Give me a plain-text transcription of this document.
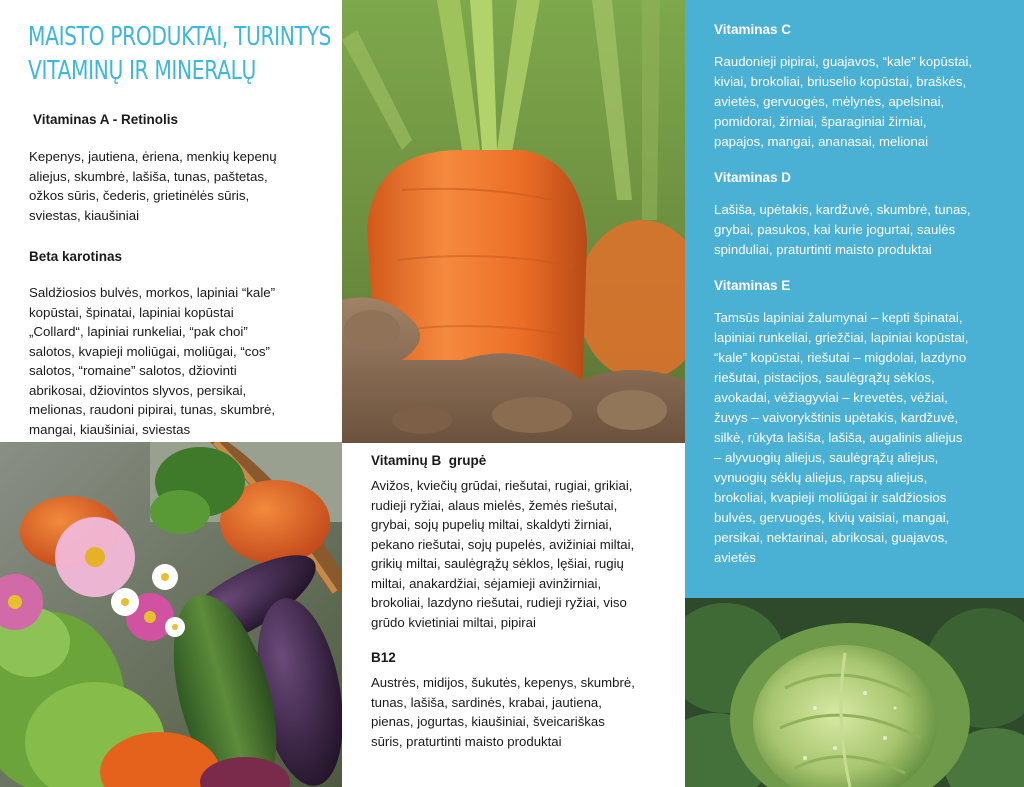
MAISTO PRODUKTAI, TURINTYS
VITAMINŲ IR MINERALŲ

Vitaminas A - Retinolis

Kepenys, jautiena, ėriena, menkių kepenų
aliejus, skumbrė, lašiša, tunas, paštetas,
ožkos sūris, čederis, grietinėlės sūris,
sviestas, kiaušiniai

Beta karotinas

Saldžiosios bulvės, morkos, lapiniai “kale”
kopūstai, špinatai, lapiniai kopūstai
„Collard“, lapiniai runkeliai, “pak choi”
salotos, kvapieji moliūgai, moliūgai, “cos”
salotos, “romaine” salotos, džiovinti
abrikosai, džiovintos slyvos, persikai,
melionas, raudoni pipirai, tunas, skumbrė,
mangai, kiaušiniai, sviestas

Vitaminų B  grupė

Avižos, kviečių grūdai, riešutai, rugiai, grikiai,
rudieji ryžiai, alaus mielės, žemės riešutai,
grybai, sojų pupelių miltai, skaldyti žirniai,
pekano riešutai, sojų pupelės, avižiniai miltai,
grikių miltai, saulėgrąžų sėklos, lęšiai, rugių
miltai, anakardžiai, sėjamieji avinžirniai,
brokoliai, lazdyno riešutai, rudieji ryžiai, viso
grūdo kvietiniai miltai, pipirai

B12

Austrės, midijos, šukutės, kepenys, skumbrė,
tunas, lašiša, sardinės, krabai, jautiena,
pienas, jogurtas, kiaušiniai, šveicariškas
sūris, praturtinti maisto produktai

Vitaminas C

Raudonieji pipirai, guajavos, “kale” kopūstai,
kiviai, brokoliai, briuselio kopūstai, braškės,
avietės, gervuogės, mėlynės, apelsinai,
pomidorai, žirniai, šparaginiai žirniai,
papajos, mangai, ananasai, melionai

Vitaminas D

Lašiša, upėtakis, kardžuvė, skumbrė, tunas,
grybai, pasukos, kai kurie jogurtai, saulės
spinduliai, praturtinti maisto produktai

Vitaminas E

Tamsūs lapiniai žalumynai – kepti špinatai,
lapiniai runkeliai, griežčiai, lapiniai kopūstai,
“kale” kopūstai, riešutai – migdolai, lazdyno
riešutai, pistacijos, saulėgrąžų sėklos,
avokadai, vėžiagyviai – krevetės, vėžiai,
žuvys – vaivorykštinis upėtakis, kardžuvė,
silkė, rūkyta lašiša, lašiša, augalinis aliejus
– alyvuogių aliejus, saulėgrąžų aliejus,
vynuogių sėklų aliejus, rapsų aliejus,
brokoliai, kvapieji moliūgai ir saldžiosios
bulvės, gervuogės, kivių vaisiai, mangai,
persikai, nektarinai, abrikosai, guajavos,
avietės
